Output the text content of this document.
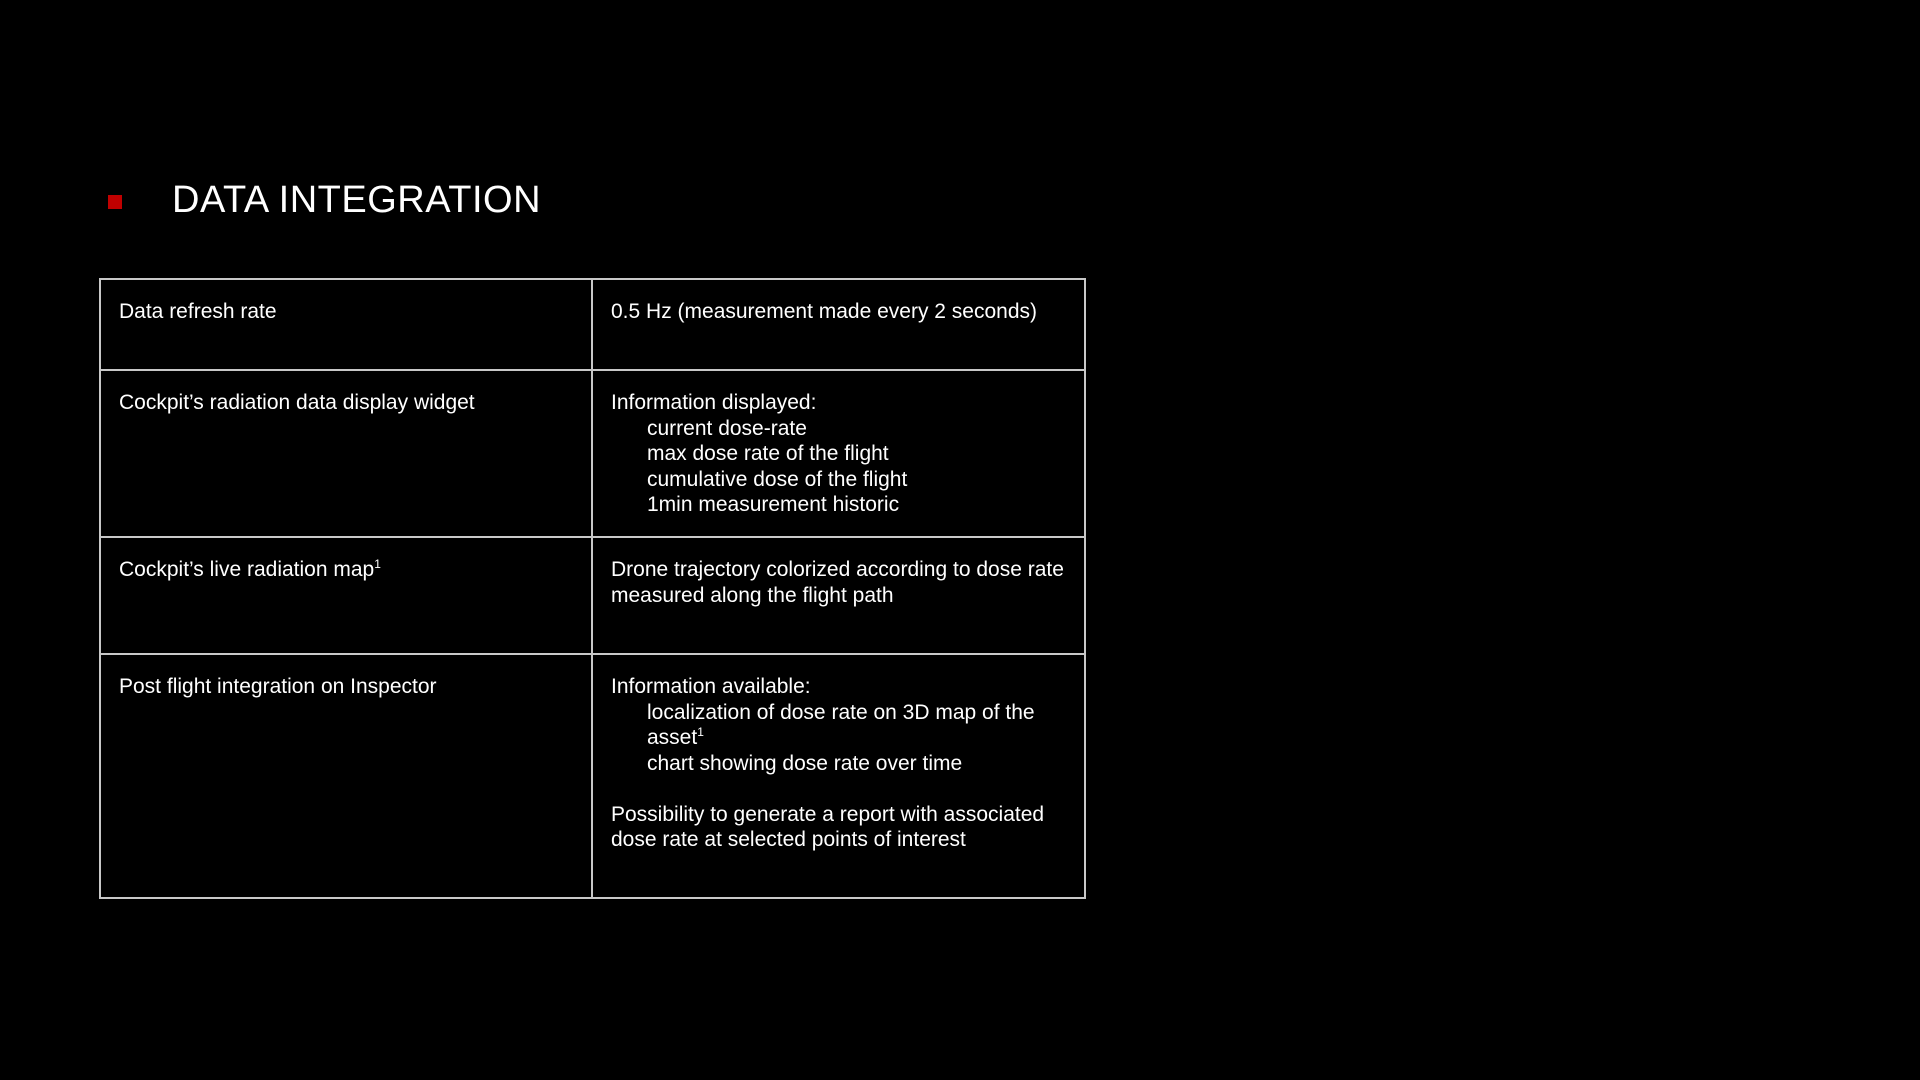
DATA INTEGRATION
Data refresh rate	0.5 Hz (measurement made every 2 seconds)
Cockpit’s radiation data display widget	Information displayed:
current dose-rate
max dose rate of the flight
cumulative dose of the flight
1min measurement historic

Cockpit’s live radiation map$^1$	Drone trajectory colorized according to dose rate measured along the flight path
Post flight integration on Inspector	Information available:
localization of dose rate on 3D map of the asset$^1$
chart showing dose rate over time
Possibility to generate a report with associated dose rate at selected points of interest
